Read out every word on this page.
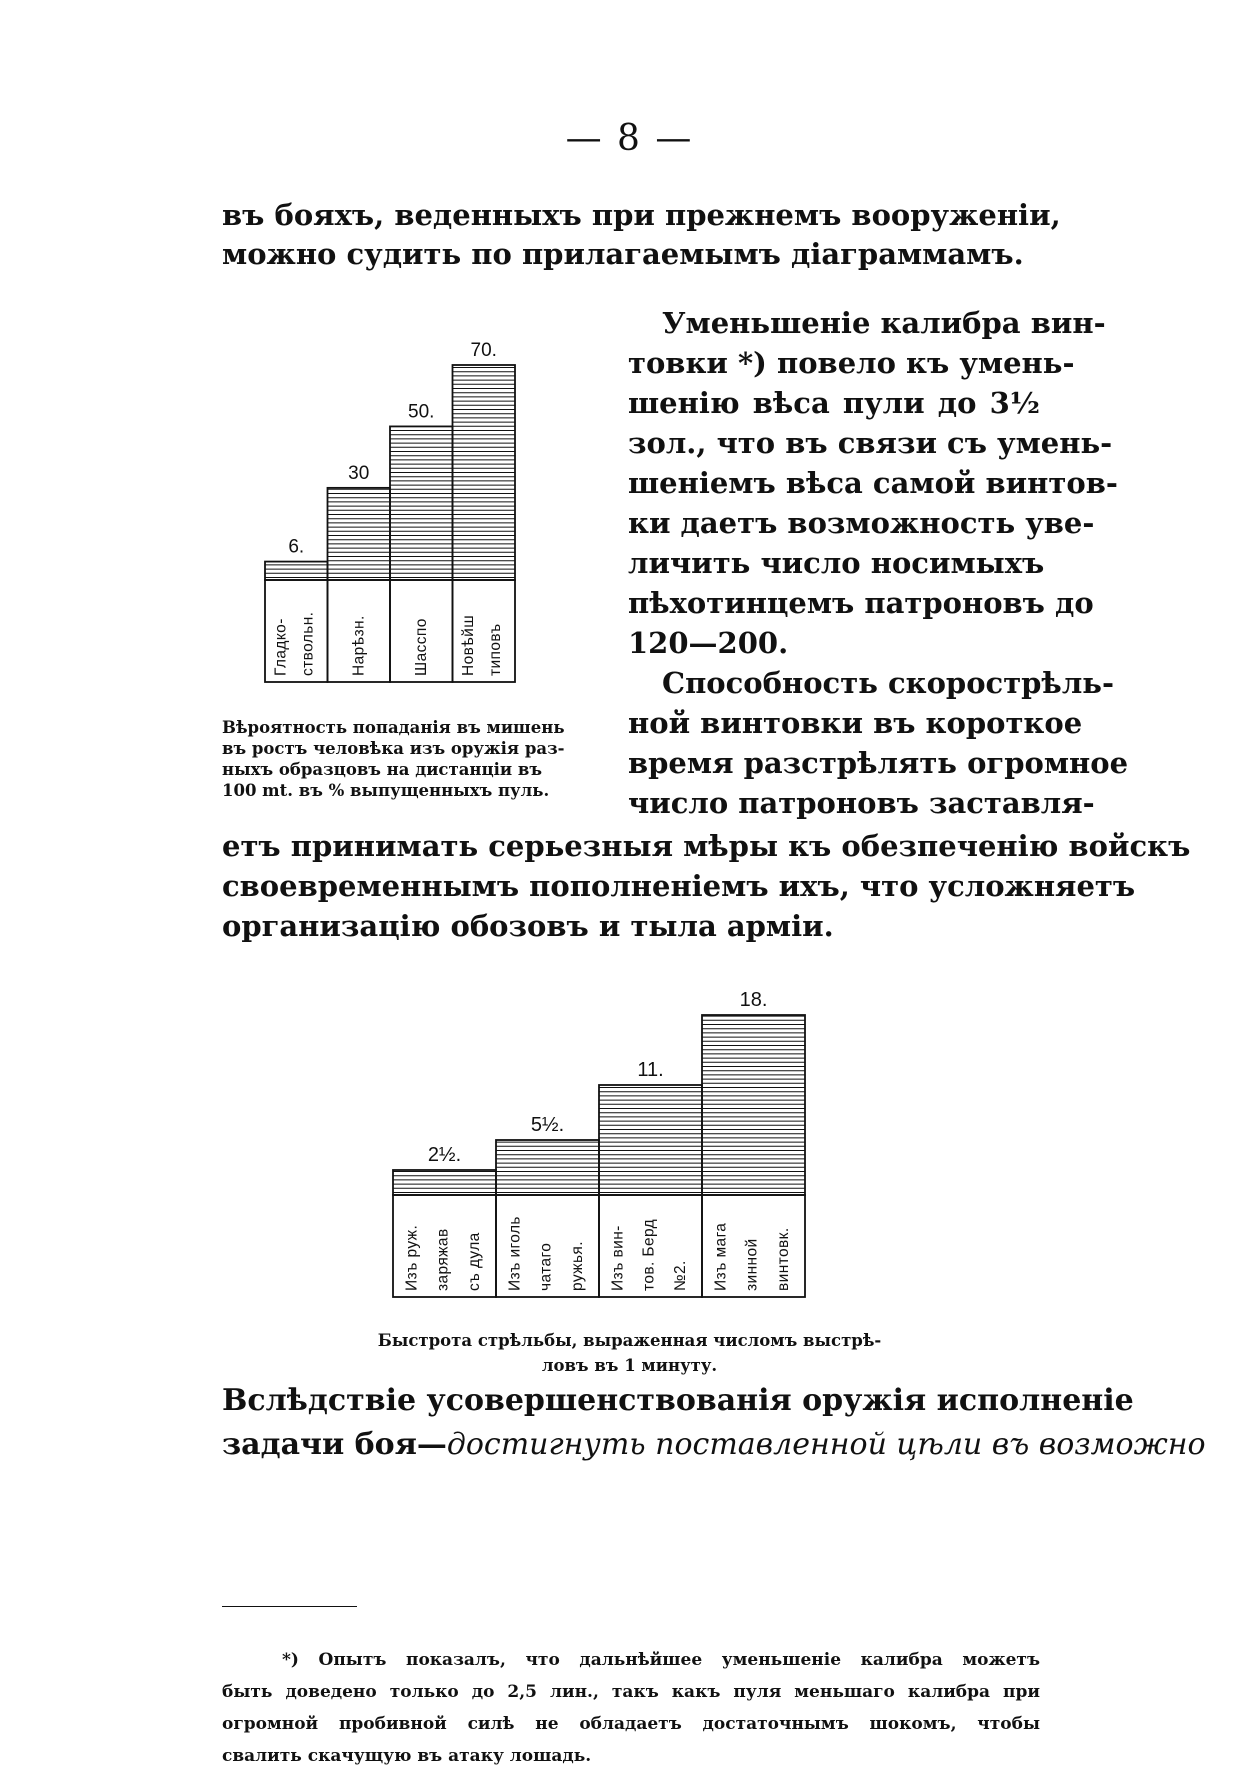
— 8 —
въ бояхъ, веденныхъ при прежнемъ вооруженіи,
можно судить по прилагаемымъ діаграммамъ.
6.
Гладко- ствольн.
30
Нарѣзн.
50.
Шасспо
70.
Новѣйш типовъ
Вѣроятность попаданія въ мишень
въ ростъ человѣка изъ оружія раз-
ныхъ образцовъ на дистанціи въ
100 mt. въ % выпущенныхъ пуль.
Уменьшеніе калибра вин-
товки *) повело къ умень-
шенію вѣса пули до 3½
зол., что въ связи съ умень-
шеніемъ вѣса самой винтов-
ки даетъ возможность уве-
личить число носимыхъ
пѣхотинцемъ патроновъ до
120—200.
Способность скорострѣль-
ной винтовки въ короткое
время разстрѣлять огромное
число патроновъ заставля-
етъ принимать серьезныя мѣры къ обезпеченію войскъ
своевременнымъ пополненіемъ ихъ, что усложняетъ
организацію обозовъ и тыла арміи.
2½.
Изъ руж. заряжав съ дула
5½.
Изъ иголь чатаго ружья.
11.
Изъ вин- тов. Берд №2.
18.
Изъ мага зинной винтовк.
Быстрота стрѣльбы, выраженная числомъ выстрѣ-
ловъ въ 1 минуту.
Вслѣдствіе усовершенствованія оружія исполненіе
задачи боя— достигнуть поставленной цѣли въ возможно
*) Опытъ показалъ, что дальнѣйшее уменьшеніе калибра можетъ
быть доведено только до 2,5 лин., такъ какъ пуля меньшаго калибра при
огромной пробивной силѣ не обладаетъ достаточнымъ шокомъ, чтобы
свалить скачущую въ атаку лошадь.
